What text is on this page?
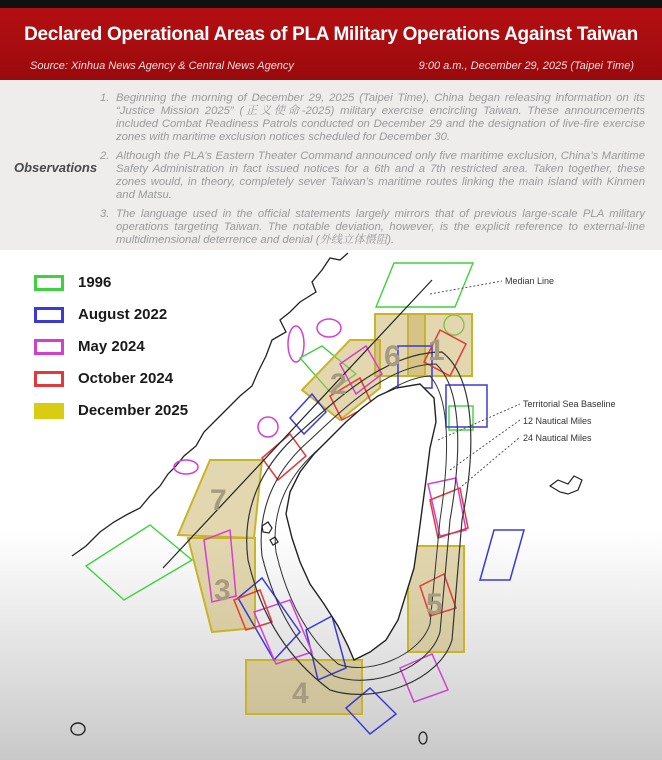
Declared Operational Areas of PLA Military Operations Against Taiwan
Source: Xinhua News Agency & Central News Agency	9:00 a.m., December 29, 2025 (Taipei Time)
Observations
1. Beginning the morning of December 29, 2025 (Taipei Time), China began releasing information on its “Justice Mission 2025” (正义使命-2025) military exercise encircling Taiwan. These announcements included Combat Readiness Patrols conducted on December 29 and the designation of live-fire exercise zones with maritime exclusion notices scheduled for December 30.
2. Although the PLA’s Eastern Theater Command announced only five maritime exclusion, China’s Maritime Safety Administration in fact issued notices for a 6th and a 7th restricted area. Taken together, these zones would, in theory, completely sever Taiwan’s maritime routes linking the main island with Kinmen and Matsu.
3. The language used in the official statements largely mirrors that of previous large-scale PLA military operations targeting Taiwan. The notable deviation, however, is the explicit reference to external-line multidimensional deterrence and denial (外线立体慑阻).
1
2
3
4
5
6
7
Median Line
Territorial Sea Baseline
12 Nautical Miles
24 Nautical Miles
1996
August 2022
May 2024
October 2024
December 2025
